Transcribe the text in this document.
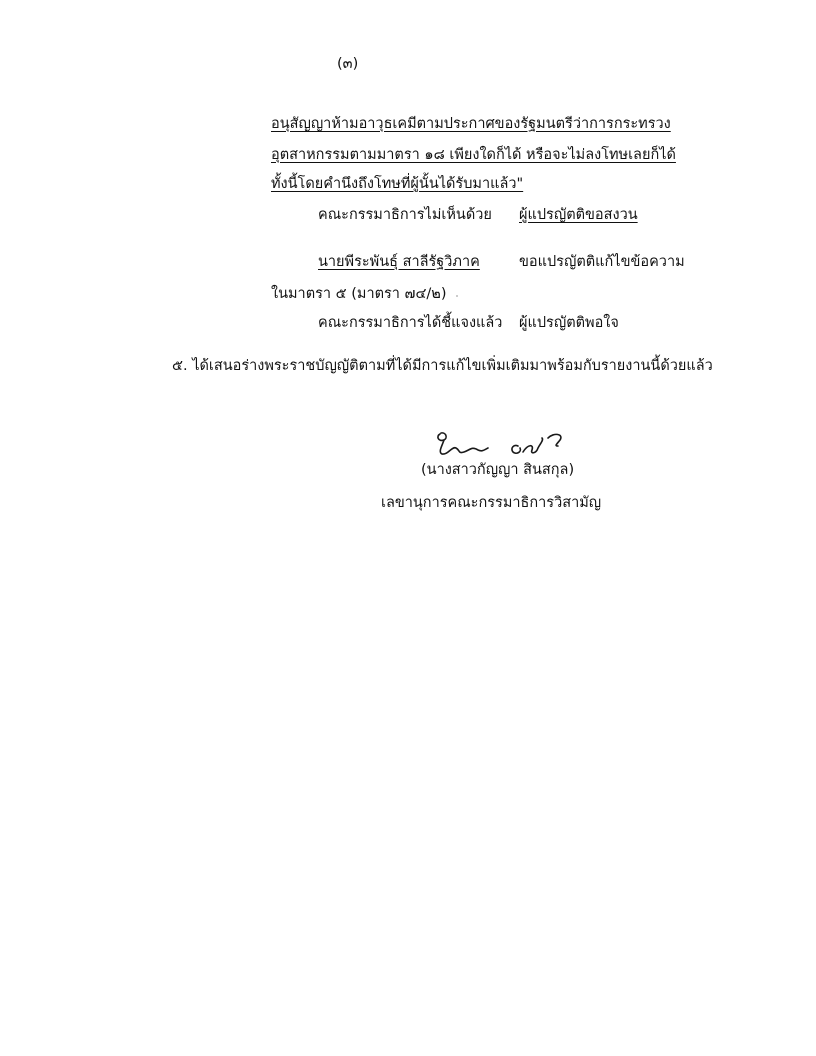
(๓)
อนุสัญญาห้ามอาวุธเคมีตามประกาศของรัฐมนตรีว่าการกระทรวง
อุตสาหกรรมตามมาตรา ๑๘ เพียงใดก็ได้ หรือจะไม่ลงโทษเลยก็ได้
ทั้งนี้โดยคำนึงถึงโทษที่ผู้นั้นได้รับมาแล้ว"
คณะกรรมาธิการไม่เห็นด้วย ผู้แปรญัตติขอสงวน
นายพีระพันธุ์ สาลีรัฐวิภาค	ขอแปรญัตติแก้ไขข้อความ
ในมาตรา ๕ (มาตรา ๗๔/๒)
คณะกรรมาธิการได้ชี้แจงแล้ว ผู้แปรญัตติพอใจ
๕. ได้เสนอร่างพระราชบัญญัติตามที่ได้มีการแก้ไขเพิ่มเติมมาพร้อมกับรายงานนี้ด้วยแล้ว
(นางสาวกัญญา สินสกุล)
เลขานุการคณะกรรมาธิการวิสามัญ
